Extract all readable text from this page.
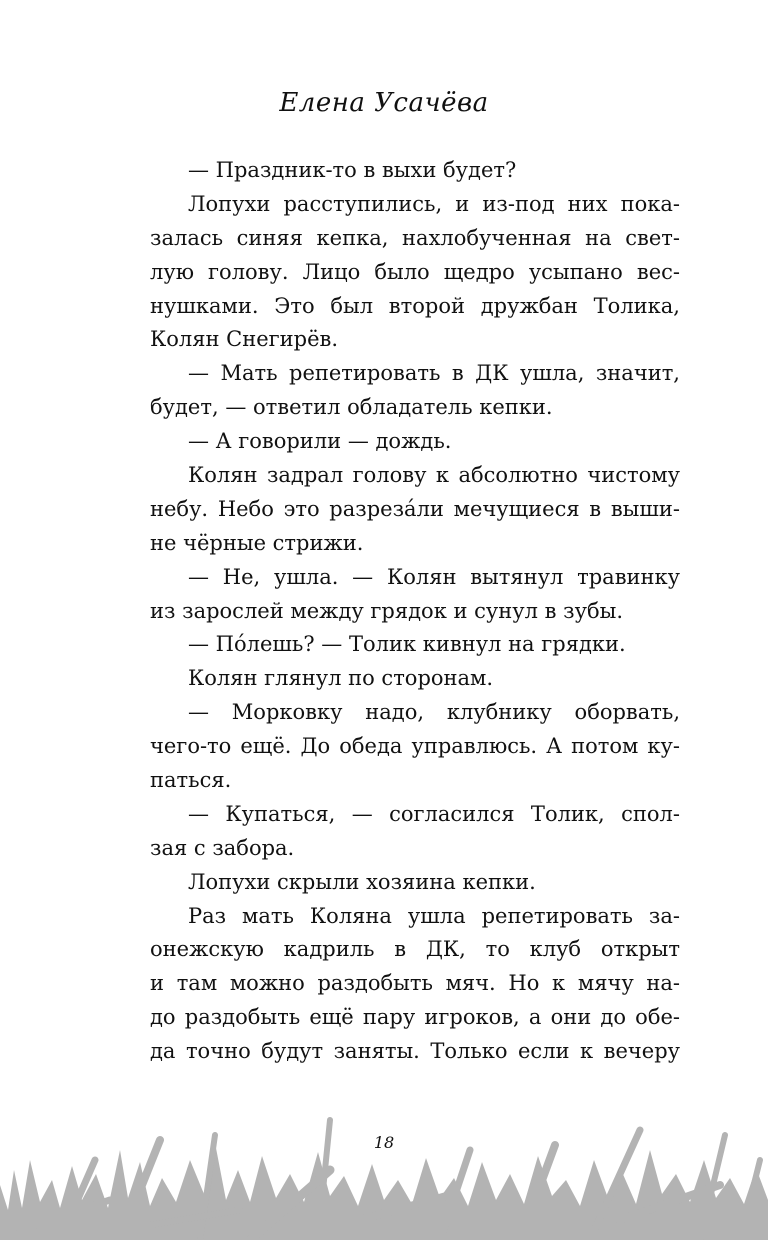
Елена Усачёва
— Праздник-то в выхи будет?
Лопухи расступились, и из-под них пока-
залась синяя кепка, нахлобученная на свет-
лую голову. Лицо было щедро усыпано вес-
нушками. Это был второй дружбан Толика,
Колян Снегирёв.
— Мать репетировать в ДК ушла, значит,
будет, — ответил обладатель кепки.
— А говорили — дождь.
Колян задрал голову к абсолютно чистому
небу. Небо это разреза́ли мечущиеся в выши-
не чёрные стрижи.
— Не, ушла. — Колян вытянул травинку
из зарослей между грядок и сунул в зубы.
— По́лешь? — Толик кивнул на грядки.
Колян глянул по сторонам.
— Морковку надо, клубнику оборвать,
чего-то ещё. До обеда управлюсь. А потом ку-
паться.
— Купаться, — согласился Толик, спол-
зая с забора.
Лопухи скрыли хозяина кепки.
Раз мать Коляна ушла репетировать за-
онежскую кадриль в ДК, то клуб открыт
и там можно раздобыть мяч. Но к мячу на-
до раздобыть ещё пару игроков, а они до обе-
да точно будут заняты. Только если к вечеру
18
